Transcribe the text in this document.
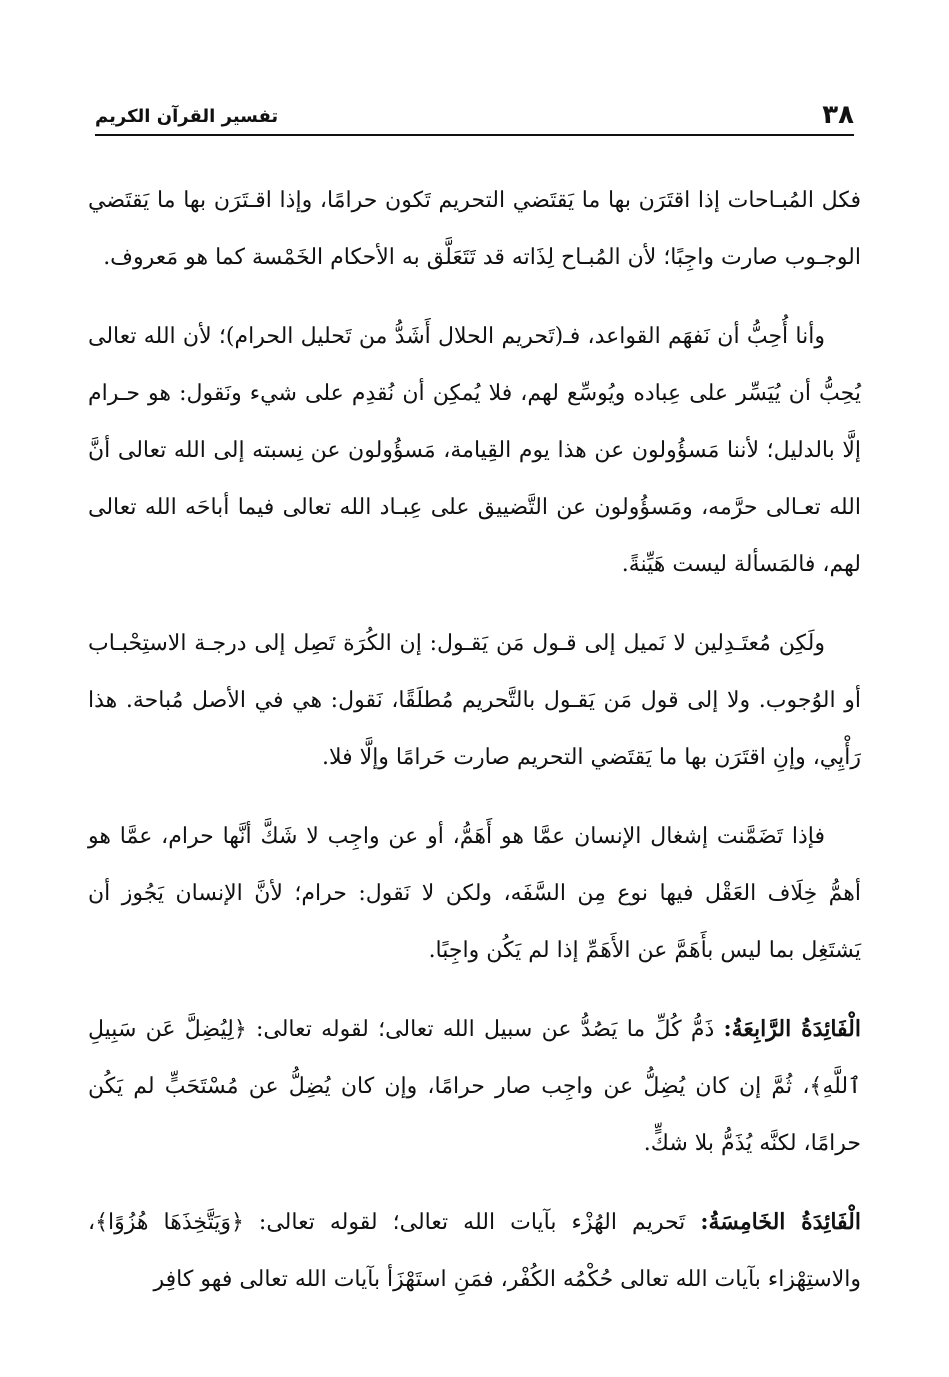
٣٨
تفسير القرآن الكريم

فكل المُبـاحات إذا اقتَرَن بها ما يَقتَضي التحريم تَكون حرامًا، وإذا اقـتَرَن بها ما يَقتَضي الوجـوب صارت واجِبًا؛ لأن المُبـاح لِذَاته قد تَتَعَلَّق به الأحكام الخَمْسة كما هو مَعروف.

وأنا أُحِبُّ أن نَفهَم القواعد، فـ(تَحريم الحلال أَشَدُّ من تَحليل الحرام)؛ لأن الله تعالى يُحِبُّ أن يُيَسِّر على عِباده ويُوسِّع لهم، فلا يُمكِن أن نُقدِم على شيء ونَقول: هو حـرام إلَّا بالدليل؛ لأننا مَسؤُولون عن هذا يوم القِيامة، مَسؤُولون عن نِسبته إلى الله تعالى أنَّ الله تعـالى حرَّمه، ومَسؤُولون عن التَّضييق على عِبـاد الله تعالى فيما أباحَه الله تعالى لهم، فالمَسألة ليست هَيِّنةً.

ولَكِن مُعتَـدِلين لا نَميل إلى قـول مَن يَقـول: إن الكُرَة تَصِل إلى درجـة الاستِحْبـاب أو الوُجوب. ولا إلى قول مَن يَقـول بالتَّحريم مُطلَقًا، نَقول: هي في الأصل مُباحة. هذا رَأْيِي، وإنِ اقتَرَن بها ما يَقتَضي التحريم صارت حَرامًا وإلَّا فلا.

فإذا تَضَمَّنت إشغال الإنسان عمَّا هو أَهَمُّ، أو عن واجِب لا شَكَّ أنَّها حرام، عمَّا هو أهمُّ خِلَاف العَقْل فيها نوع مِن السَّفَه، ولكن لا نَقول: حرام؛ لأنَّ الإنسان يَجُوز أن يَشتَغِل بما ليس بأَهَمَّ عن الأَهَمِّ إذا لم يَكُن واجِبًا.

الْفَائِدَةُ الرَّابِعَةُ: ذَمُّ كُلِّ ما يَصُدُّ عن سبيل الله تعالى؛ لقوله تعالى: ﴿لِيُضِلَّ عَن سَبِيلِ ٱللَّهِ﴾، ثُمَّ إن كان يُضِلُّ عن واجِب صار حرامًا، وإن كان يُضِلُّ عن مُسْتَحَبٍّ لم يَكُن حرامًا، لكنَّه يُذَمُّ بلا شكٍّ.

الْفَائِدَةُ الخَامِسَةُ: تَحريم الهُزْء بآيات الله تعالى؛ لقوله تعالى: ﴿وَيَتَّخِذَهَا هُزُوًا﴾، والاستِهْزاء بآيات الله تعالى حُكْمُه الكُفْر، فمَنِ استَهْزَأ بآيات الله تعالى فهو كافِر
